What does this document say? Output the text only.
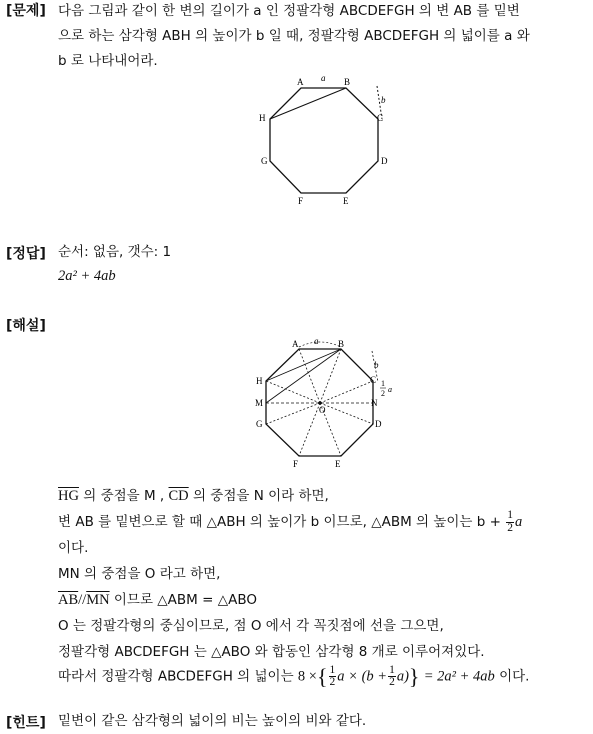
[문제] 다음 그림과 같이 한 변의 길이가 a 인 정팔각형 ABCDEFGH 의 변 AB 를 밑변
으로 하는 삼각형 ABH 의 높이가 b 일 때, 정팔각형 ABCDEFGH 의 넓이를 a 와
b 로 나타내어라.
A	B
C
D
E
F
G
H
a
b
[정답] 순서: 없음, 갯수: 1
2a² + 4ab
[해설]
A	B
C
D
E
F
G
H
M	N
O
a
b
1
2 a
$\overline{HG}$ 의 중점을 M , $\overline{CD}$ 의 중점을 N 이라 하면,
변 AB 를 밑변으로 할 때 △ABH 의 높이가 b 이므로, △ABM 의 높이는 $b + \frac{1}{2}$ a
이다.
MN 의 중점을 O 라고 하면,
$\overline{AB}//\overline{MN}$ 이므로 △ABM = △ABO
O 는 정팔각형의 중심이므로, 점 O 에서 각 꼭짓점에 선을 그으면,
정팔각형 ABCDEFGH 는 △ABO 와 합동인 삼각형 8 개로 이루어져있다.
따라서 정팔각형 ABCDEFGH 의 넓이는 8 ×{ $\frac{1}{2}$ $a \times (b + \frac{1}{2} a)\} = 2a^2 + 4ab$ 이다.
[힌트] 밑변이 같은 삼각형의 넓이의 비는 높이의 비와 같다.
